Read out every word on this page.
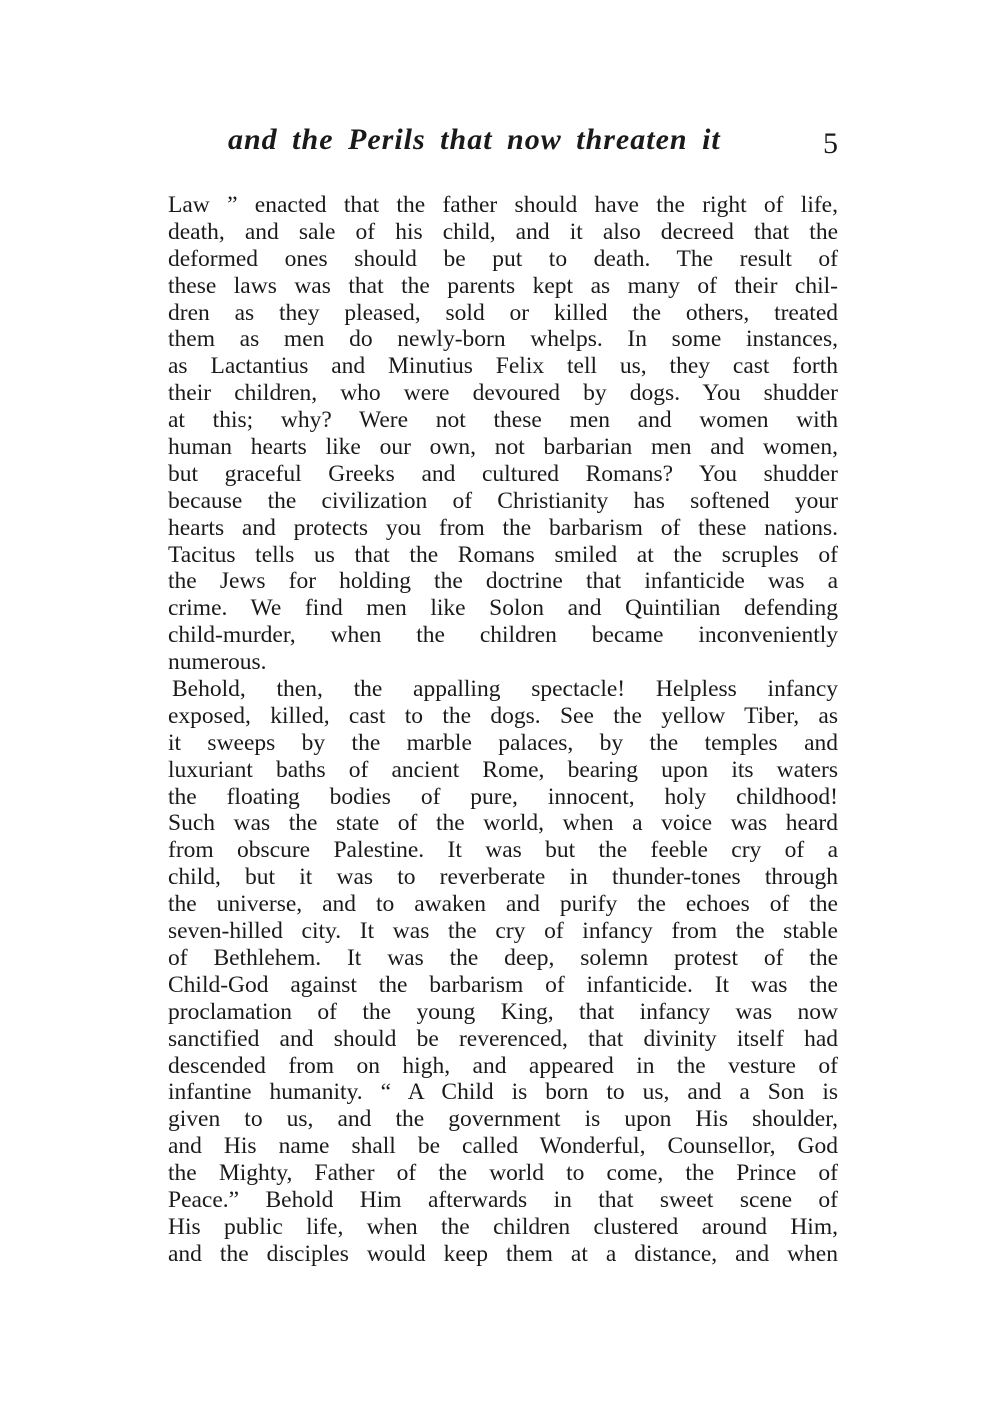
and the Perils that now threaten it	5
Law ” enacted that the father should have the right of life,
death, and sale of his child, and it also decreed that the
deformed ones should be put to death. The result of
these laws was that the parents kept as many of their chil-
dren as they pleased, sold or killed the others, treated
them as men do newly-born whelps. In some instances,
as Lactantius and Minutius Felix tell us, they cast forth
their children, who were devoured by dogs. You shudder
at this; why? Were not these men and women with
human hearts like our own, not barbarian men and women,
but graceful Greeks and cultured Romans? You shudder
because the civilization of Christianity has softened your
hearts and protects you from the barbarism of these nations.
Tacitus tells us that the Romans smiled at the scruples of
the Jews for holding the doctrine that infanticide was a
crime. We find men like Solon and Quintilian defending
child-murder, when the children became inconveniently
numerous.
Behold, then, the appalling spectacle! Helpless infancy
exposed, killed, cast to the dogs. See the yellow Tiber, as
it sweeps by the marble palaces, by the temples and
luxuriant baths of ancient Rome, bearing upon its waters
the floating bodies of pure, innocent, holy childhood!
Such was the state of the world, when a voice was heard
from obscure Palestine. It was but the feeble cry of a
child, but it was to reverberate in thunder-tones through
the universe, and to awaken and purify the echoes of the
seven-hilled city. It was the cry of infancy from the stable
of Bethlehem. It was the deep, solemn protest of the
Child-God against the barbarism of infanticide. It was the
proclamation of the young King, that infancy was now
sanctified and should be reverenced, that divinity itself had
descended from on high, and appeared in the vesture of
infantine humanity. “ A Child is born to us, and a Son is
given to us, and the government is upon His shoulder,
and His name shall be called Wonderful, Counsellor, God
the Mighty, Father of the world to come, the Prince of
Peace.” Behold Him afterwards in that sweet scene of
His public life, when the children clustered around Him,
and the disciples would keep them at a distance, and when
